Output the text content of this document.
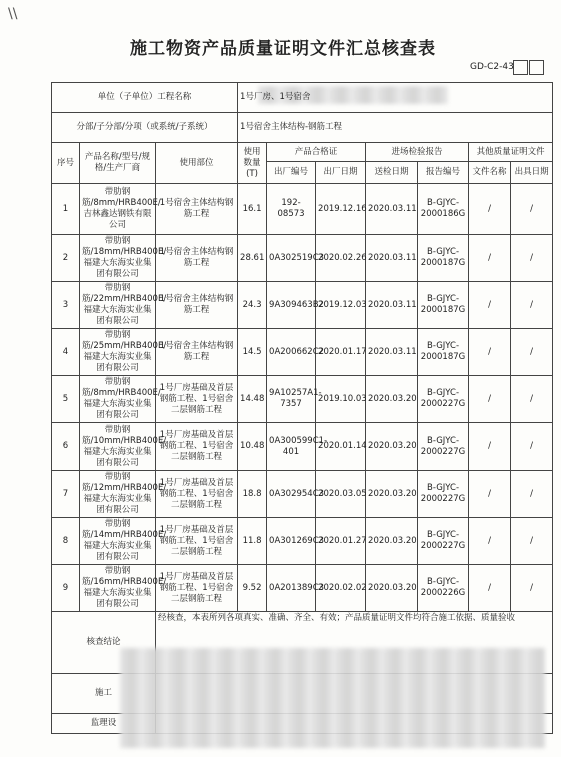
\\
施工物资产品质量证明文件汇总核查表
GD-C2-43
单位（子单位）工程名称			1号厂房、1号宿舍						
分部/子分部/分项（或系统/子系统）			1号宿舍主体结构-钢筋工程						
序号	产品名称/型号/规格/生产厂商	使用部位	使用数量(T)	产品合格证		进场检验报告		其他质量证明文件	
				出厂编号	出厂日期	送检日期	报告编号	文件名称	出具日期
1	带肋钢筋/8mm/HRB400E/吉林鑫达钢铁有限公司	1号宿舍主体结构钢筋工程	16.1	192-08573	2019.12.16	2020.03.11	B-GJYC-2000186G	/	/
2	带肋钢筋/18mm/HRB400E/福建大东海实业集团有限公司	1号宿舍主体结构钢筋工程	28.61	0A302519C3	2020.02.26	2020.03.11	B-GJYC-2000187G	/	/
3	带肋钢筋/22mm/HRB400E/福建大东海实业集团有限公司	1号宿舍主体结构钢筋工程	24.3	9A309463B2	2019.12.03	2020.03.11	B-GJYC-2000187G	/	/
4	带肋钢筋/25mm/HRB400E/福建大东海实业集团有限公司	1号宿舍主体结构钢筋工程	14.5	0A200662C2	2020.01.17	2020.03.11	B-GJYC-2000187G	/	/
5	带肋钢筋/8mm/HRB400E/福建大东海实业集团有限公司	1号厂房基础及首层钢筋工程、1号宿舍二层钢筋工程	14.48	9A10257A1-7357	2019.10.03	2020.03.20	B-GJYC-2000227G	/	/
6	带肋钢筋/10mm/HRB400E/福建大东海实业集团有限公司	1号厂房基础及首层钢筋工程、1号宿舍二层钢筋工程	10.48	0A300599C1-401	2020.01.14	2020.03.20	B-GJYC-2000227G	/	/
7	带肋钢筋/12mm/HRB400E/福建大东海实业集团有限公司	1号厂房基础及首层钢筋工程、1号宿舍二层钢筋工程	18.8	0A302954C3	2020.03.05	2020.03.20	B-GJYC-2000227G	/	/
8	带肋钢筋/14mm/HRB400E/福建大东海实业集团有限公司	1号厂房基础及首层钢筋工程、1号宿舍二层钢筋工程	11.8	0A301269C3	2020.01.27	2020.03.20	B-GJYC-2000227G	/	/
9	带肋钢筋/16mm/HRB400E/福建大东海实业集团有限公司	1号厂房基础及首层钢筋工程、1号宿舍二层钢筋工程	9.52	0A201389C3	2020.02.02	2020.03.20	B-GJYC-2000226G	/	/
核查结论		经核查，本表所列各项真实、准确、齐全、有效；产品质量证明文件均符合施工依据、质量验收							
施工									
监理设									
